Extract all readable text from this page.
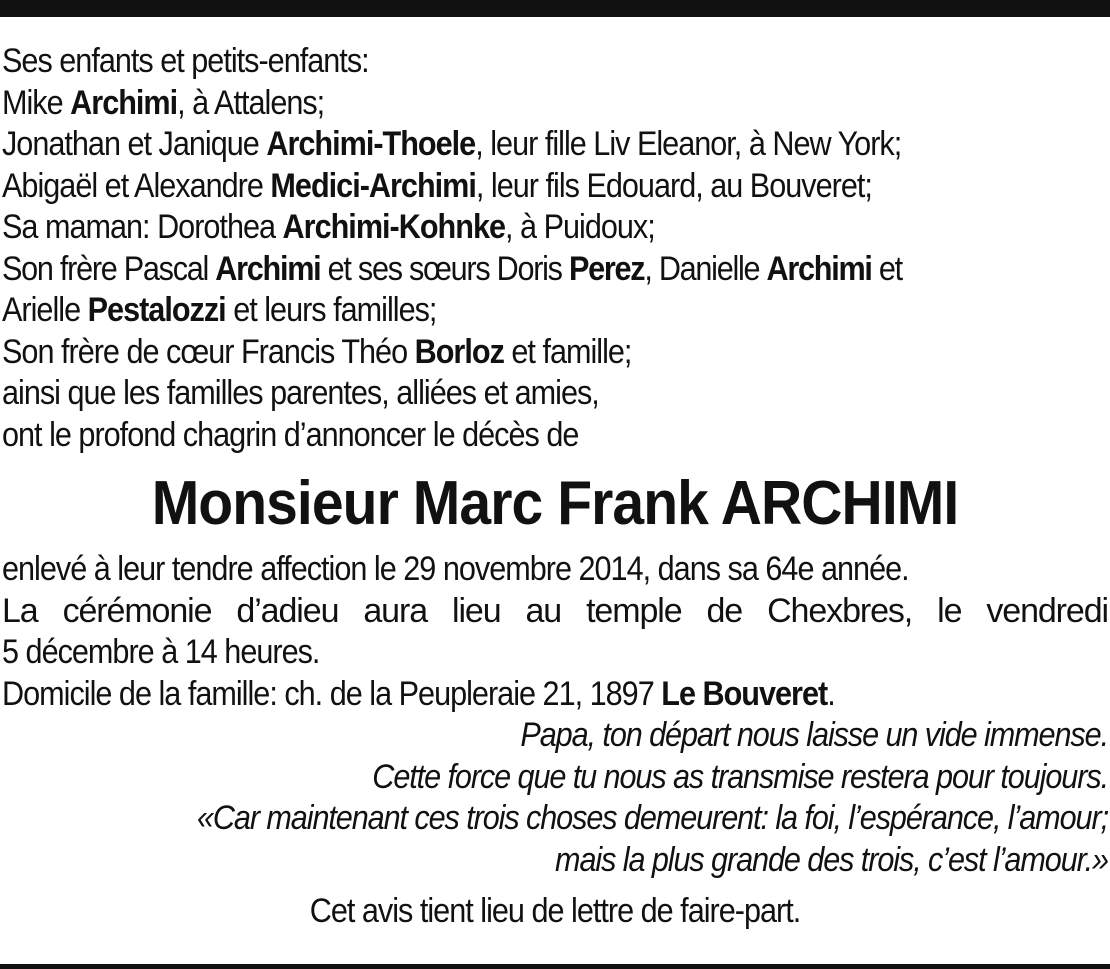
Ses enfants et petits-enfants:
Mike Archimi, à Attalens;
Jonathan et Janique Archimi-Thoele, leur fille Liv Eleanor, à New York;
Abigaël et Alexandre Medici-Archimi, leur fils Edouard, au Bouveret;
Sa maman: Dorothea Archimi-Kohnke, à Puidoux;
Son frère Pascal Archimi et ses sœurs Doris Perez, Danielle Archimi et
Arielle Pestalozzi et leurs familles;
Son frère de cœur Francis Théo Borloz et famille;
ainsi que les familles parentes, alliées et amies,
ont le profond chagrin d’annoncer le décès de
Monsieur Marc Frank ARCHIMI
enlevé à leur tendre affection le 29 novembre 2014, dans sa 64e année.
La cérémonie d’adieu aura lieu au temple de Chexbres, le vendredi
5 décembre à 14 heures.
Domicile de la famille: ch. de la Peupleraie 21, 1897 Le Bouveret.
Papa, ton départ nous laisse un vide immense.
Cette force que tu nous as transmise restera pour toujours.
«Car maintenant ces trois choses demeurent: la foi, l’espérance, l’amour;
mais la plus grande des trois, c’est l’amour.»
Cet avis tient lieu de lettre de faire-part.
